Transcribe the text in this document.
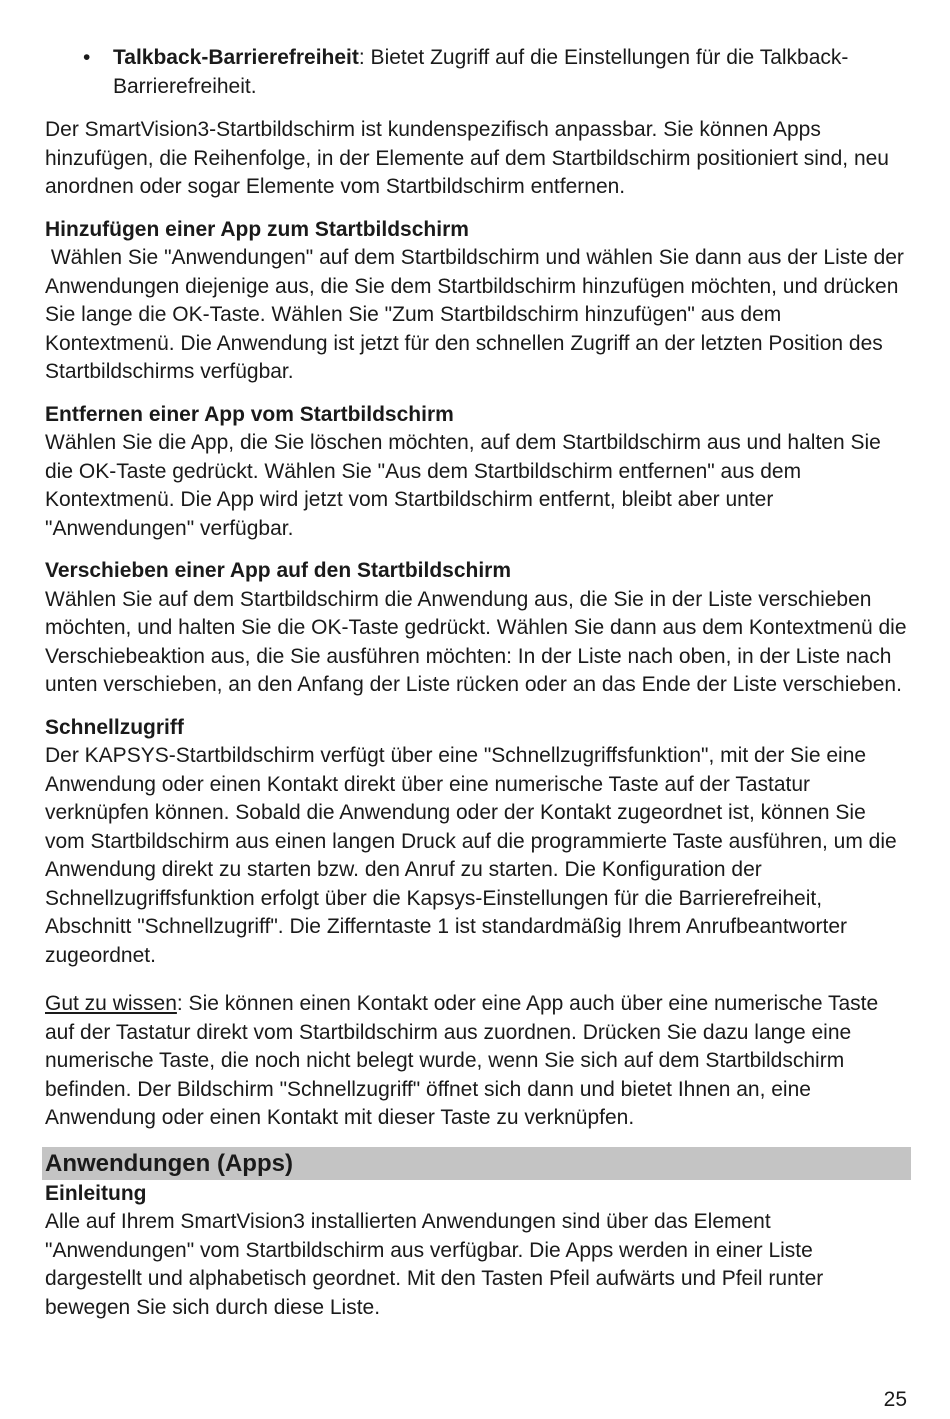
• Talkback-Barrierefreiheit: Bietet Zugriff auf die Einstellungen für die Talkback-Barrierefreiheit.

Der SmartVision3-Startbildschirm ist kundenspezifisch anpassbar. Sie können Apps hinzufügen, die Reihenfolge, in der Elemente auf dem Startbildschirm positioniert sind, neu anordnen oder sogar Elemente vom Startbildschirm entfernen.

Hinzufügen einer App zum Startbildschirm

Wählen Sie "Anwendungen" auf dem Startbildschirm und wählen Sie dann aus der Liste der Anwendungen diejenige aus, die Sie dem Startbildschirm hinzufügen möchten, und drücken Sie lange die OK-Taste. Wählen Sie "Zum Startbildschirm hinzufügen" aus dem Kontextmenü. Die Anwendung ist jetzt für den schnellen Zugriff an der letzten Position des Startbildschirms verfügbar.

Entfernen einer App vom Startbildschirm

Wählen Sie die App, die Sie löschen möchten, auf dem Startbildschirm aus und halten Sie die OK-Taste gedrückt. Wählen Sie "Aus dem Startbildschirm entfernen" aus dem Kontextmenü. Die App wird jetzt vom Startbildschirm entfernt, bleibt aber unter "Anwendungen" verfügbar.

Verschieben einer App auf den Startbildschirm

Wählen Sie auf dem Startbildschirm die Anwendung aus, die Sie in der Liste verschieben möchten, und halten Sie die OK-Taste gedrückt. Wählen Sie dann aus dem Kontextmenü die Verschiebeaktion aus, die Sie ausführen möchten: In der Liste nach oben, in der Liste nach unten verschieben, an den Anfang der Liste rücken oder an das Ende der Liste verschieben.

Schnellzugriff

Der KAPSYS-Startbildschirm verfügt über eine "Schnellzugriffsfunktion", mit der Sie eine Anwendung oder einen Kontakt direkt über eine numerische Taste auf der Tastatur verknüpfen können. Sobald die Anwendung oder der Kontakt zugeordnet ist, können Sie vom Startbildschirm aus einen langen Druck auf die programmierte Taste ausführen, um die Anwendung direkt zu starten bzw. den Anruf zu starten. Die Konfiguration der Schnellzugriffsfunktion erfolgt über die Kapsys-Einstellungen für die Barrierefreiheit, Abschnitt "Schnellzugriff". Die Zifferntaste 1 ist standardmäßig Ihrem Anrufbeantworter zugeordnet.

Gut zu wissen: Sie können einen Kontakt oder eine App auch über eine numerische Taste auf der Tastatur direkt vom Startbildschirm aus zuordnen. Drücken Sie dazu lange eine numerische Taste, die noch nicht belegt wurde, wenn Sie sich auf dem Startbildschirm befinden. Der Bildschirm "Schnellzugriff" öffnet sich dann und bietet Ihnen an, eine Anwendung oder einen Kontakt mit dieser Taste zu verknüpfen.

Anwendungen (Apps)
Einleitung

Alle auf Ihrem SmartVision3 installierten Anwendungen sind über das Element "Anwendungen" vom Startbildschirm aus verfügbar. Die Apps werden in einer Liste dargestellt und alphabetisch geordnet. Mit den Tasten Pfeil aufwärts und Pfeil runter bewegen Sie sich durch diese Liste.

25
